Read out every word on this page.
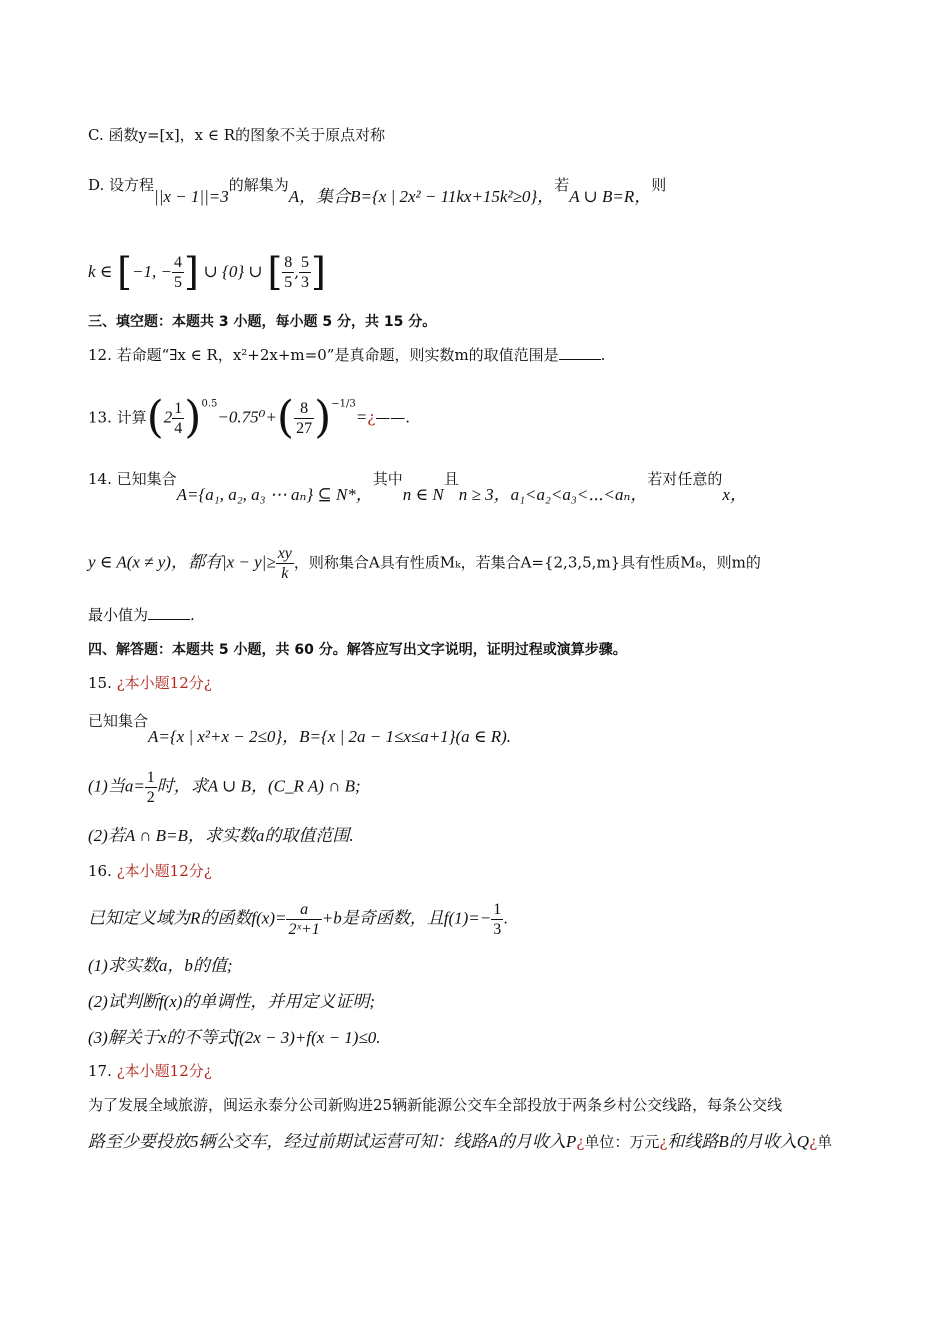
C. 函数y=[x]，x ∈ R的图象不关于原点对称
D. 设方程||x − 1||=3的解集为A，集合B={x | 2x² − 11kx+15k²≥0}，若A ∪ B=R，则
k ∈ [−1, − $\frac{4}{5}$ ] ∪ {0} ∪ [ $\frac{8}{5}$ , $\frac{5}{3}$ ]
三、填空题：本题共 3 小题，每小题 5 分，共 15 分。
12. 若命题“∃x ∈ R，x²+2x+m=0”是真命题，则实数m的取值范围是	.
13. 计算$(2 \frac{1}{4} )^{0.5}-0.75^0+( \frac{8}{27}$ )$^{-1/3}=¿——$.
14. 已知集合A={a₁, a₂, a₃ ⋯ aₙ} ⊆ N*，其中n ∈ N且n ≥ 3，a₁<a₂<a₃<⋯<aₙ，若对任意的x，
y ∈ A(x ≠ y)，都有$|x - y|\ge \frac{xy}{k}$ ，则称集合A具有性质Mₖ，若集合A={2,3,5,m}具有性质M₈，则m的
最小值为	.
四、解答题：本题共 5 小题，共 60 分。解答应写出文字说明，证明过程或演算步骤。
15. ¿本小题12分¿
已知集合A={x | x²+x − 2≤0}，B={x | 2a − 1≤x≤a+1}(a ∈ R).
(1)当$a= \frac{1}{2}$ 时，求A ∪ B，(C_R A) ∩ B;
(2)若A ∩ B=B，求实数a的取值范围.
16. ¿本小题12分¿
已知定义域为R的函数$f(x)= \frac{a}{\text{2ˣ+1}} +b$是奇函数，且$f(1)=- \frac{1}{3}$ .
(1)求实数a，b的值;
(2)试判断f(x)的单调性，并用定义证明;
(3)解关于x的不等式f(2x − 3)+f(x − 1)≤0.
17. ¿本小题12分¿
为了发展全域旅游，闽运永泰分公司新购进25辆新能源公交车全部投放于两条乡村公交线路，每条公交线
路至少要投放5辆公交车，经过前期试运营可知：线路A的月收入P¿单位：万元¿和线路B的月收入Q¿单
